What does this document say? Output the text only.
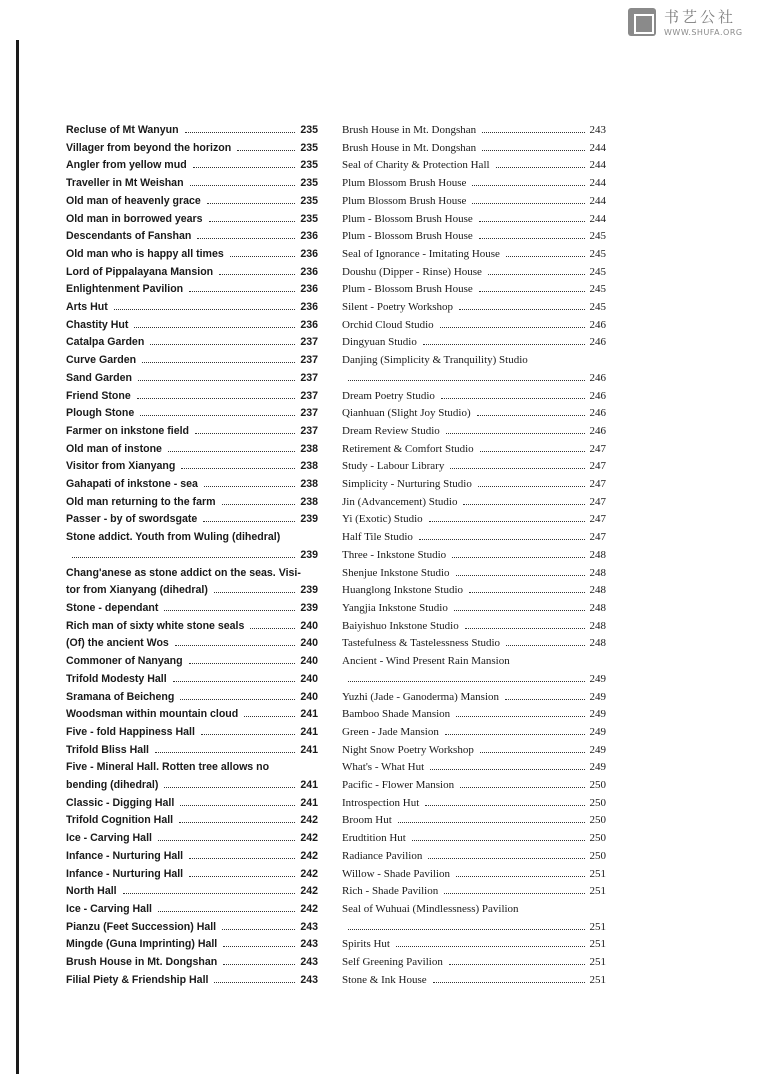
书艺公社
WWW.SHUFA.ORG
Recluse of Mt Wanyun	235
Villager from beyond the horizon	235
Angler from yellow mud	235
Traveller in Mt Weishan	235
Old man of heavenly grace	235
Old man in borrowed years	235
Descendants of Fanshan	236
Old man who is happy all times	236
Lord of Pippalayana Mansion	236
Enlightenment Pavilion	236
Arts Hut	236
Chastity Hut	236
Catalpa Garden	237
Curve Garden	237
Sand Garden	237
Friend Stone	237
Plough Stone	237
Farmer on inkstone field	237
Old man of instone	238
Visitor from Xianyang	238
Gahapati of inkstone - sea	238
Old man returning to the farm	238
Passer - by of swordsgate	239
Stone addict. Youth from Wuling (dihedral)
239
Chang'anese as stone addict on the seas. Visi-
tor from Xianyang (dihedral)	239
Stone - dependant	239
Rich man of sixty white stone seals	240
(Of) the ancient Wos	240
Commoner of Nanyang	240
Trifold Modesty Hall	240
Sramana of Beicheng	240
Woodsman within mountain cloud	241
Five - fold Happiness Hall	241
Trifold Bliss Hall	241
Five - Mineral Hall. Rotten tree allows no
bending (dihedral)	241
Classic - Digging Hall	241
Trifold Cognition Hall	242
Ice - Carving Hall	242
Infance - Nurturing Hall	242
Infance - Nurturing Hall	242
North Hall	242
Ice - Carving Hall	242
Pianzu (Feet Succession) Hall	243
Mingde (Guna Imprinting) Hall	243
Brush House in Mt. Dongshan	243
Filial Piety & Friendship Hall	243
Brush House in Mt. Dongshan	243
Brush House in Mt. Dongshan	244
Seal of Charity & Protection Hall	244
Plum Blossom Brush House	244
Plum Blossom Brush House	244
Plum - Blossom Brush House	244
Plum - Blossom Brush House	245
Seal of Ignorance - Imitating House	245
Doushu (Dipper - Rinse) House	245
Plum - Blossom Brush House	245
Silent - Poetry Workshop	245
Orchid Cloud Studio	246
Dingyuan Studio	246
Danjing (Simplicity & Tranquility) Studio
246
Dream Poetry Studio	246
Qianhuan (Slight Joy Studio)	246
Dream Review Studio	246
Retirement & Comfort Studio	247
Study - Labour Library	247
Simplicity - Nurturing Studio	247
Jin (Advancement) Studio	247
Yi (Exotic) Studio	247
Half Tile Studio	247
Three - Inkstone Studio	248
Shenjue Inkstone Studio	248
Huanglong Inkstone Studio	248
Yangjia Inkstone Studio	248
Baiyishuo Inkstone Studio	248
Tastefulness & Tastelessness Studio	248
Ancient - Wind Present Rain Mansion
249
Yuzhi (Jade - Ganoderma) Mansion	249
Bamboo Shade Mansion	249
Green - Jade Mansion	249
Night Snow Poetry Workshop	249
What's - What Hut	249
Pacific - Flower Mansion	250
Introspection Hut	250
Broom Hut	250
Erudtition Hut	250
Radiance Pavilion	250
Willow - Shade Pavilion	251
Rich - Shade Pavilion	251
Seal of Wuhuai (Mindlessness) Pavilion
251
Spirits Hut	251
Self Greening Pavilion	251
Stone & Ink House	251
